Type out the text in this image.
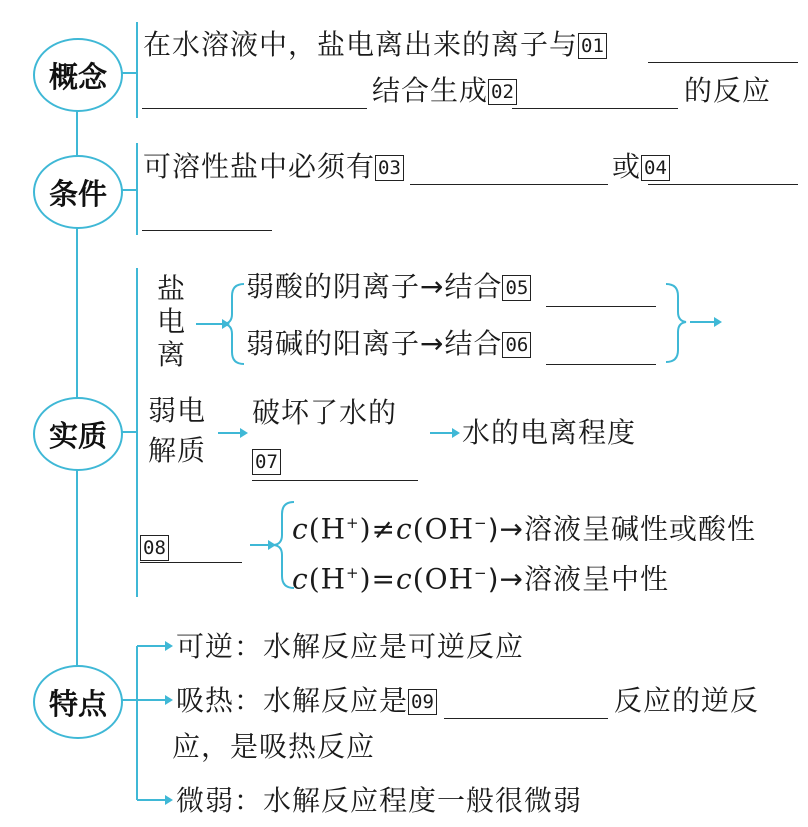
概念
条件
实质
特点
在水溶液中，盐电离出来的离子与 01
结合生成 02	的反应
可溶性盐中必须有 03	或 04
盐
电
离
弱酸的阴离子→结合 05
弱碱的阳离子→结合 06
弱电
解质
破坏了水的
07
水的电离程度
08
c(H+)≠c(OH−)→溶液呈碱性或酸性
c(H+)=c(OH−)→溶液呈中性
可逆：水解反应是可逆反应
吸热：水解反应是 09	反应的逆反
应，是吸热反应
微弱：水解反应程度一般很微弱
